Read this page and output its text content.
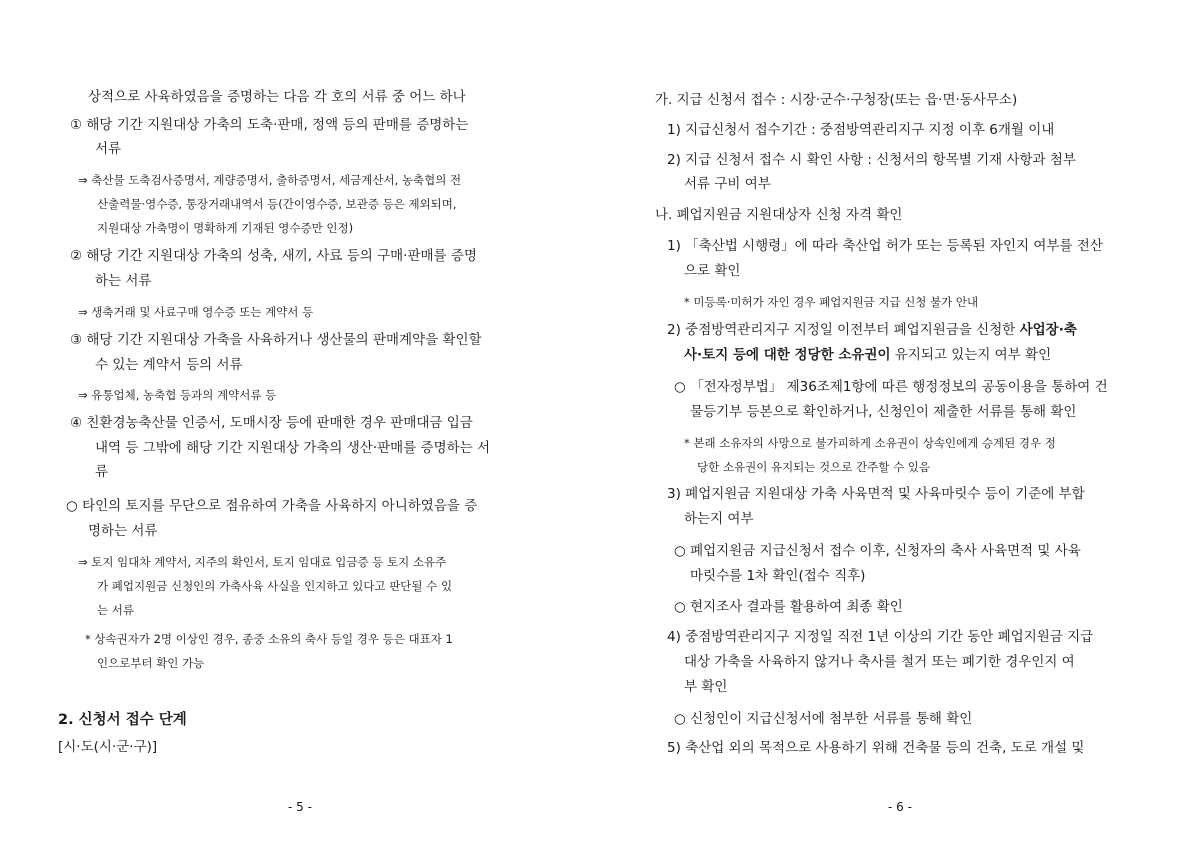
상적으로 사육하였음을 증명하는 다음 각 호의 서류 중 어느 하나
① 해당 기간 지원대상 가축의 도축·판매, 정액 등의 판매를 증명하는
서류
⇒ 축산물 도축검사증명서, 계량증명서, 출하증명서, 세금계산서, 농축협의 전
산출력물·영수증, 통장거래내역서 등(간이영수증, 보관증 등은 제외되며,
지원대상 가축명이 명확하게 기재된 영수증만 인정)
② 해당 기간 지원대상 가축의 성축, 새끼, 사료 등의 구매·판매를 증명
하는 서류
⇒ 생축거래 및 사료구매 영수증 또는 계약서 등
③ 해당 기간 지원대상 가축을 사육하거나 생산물의 판매계약을 확인할
수 있는 계약서 등의 서류
⇒ 유통업체, 농축협 등과의 계약서류 등
④ 친환경농축산물 인증서, 도매시장 등에 판매한 경우 판매대금 입금
내역 등 그밖에 해당 기간 지원대상 가축의 생산·판매를 증명하는 서
류
○ 타인의 토지를 무단으로 점유하여 가축을 사육하지 아니하였음을 증
명하는 서류
⇒ 토지 임대차 계약서, 지주의 확인서, 토지 임대료 입금증 등 토지 소유주
가 폐업지원금 신청인의 가축사육 사실을 인지하고 있다고 판단될 수 있
는 서류
* 상속권자가 2명 이상인 경우, 종중 소유의 축사 등일 경우 등은 대표자 1
인으로부터 확인 가능
2. 신청서 접수 단계
[시·도(시·군·구)]
- 5 -
가. 지급 신청서 접수 : 시장·군수·구청장(또는 읍·면·동사무소)
1) 지급신청서 접수기간 : 중점방역관리지구 지정 이후 6개월 이내
2) 지급 신청서 접수 시 확인 사항 : 신청서의 항목별 기재 사항과 첨부
서류 구비 여부
나. 폐업지원금 지원대상자 신청 자격 확인
1) 「축산법 시행령」에 따라 축산업 허가 또는 등록된 자인지 여부를 전산
으로 확인
* 미등록·미허가 자인 경우 폐업지원금 지급 신청 불가 안내
2) 중점방역관리지구 지정일 이전부터 폐업지원금을 신청한 사업장·축
사·토지 등에 대한 정당한 소유권이 유지되고 있는지 여부 확인
○ 「전자정부법」 제36조제1항에 따른 행정정보의 공동이용을 통하여 건
물등기부 등본으로 확인하거나, 신청인이 제출한 서류를 통해 확인
* 본래 소유자의 사망으로 불가피하게 소유권이 상속인에게 승계된 경우 정
당한 소유권이 유지되는 것으로 간주할 수 있음
3) 폐업지원금 지원대상 가축 사육면적 및 사육마릿수 등이 기준에 부합
하는지 여부
○ 폐업지원금 지급신청서 접수 이후, 신청자의 축사 사육면적 및 사육
마릿수를 1차 확인(접수 직후)
○ 현지조사 결과를 활용하여 최종 확인
4) 중점방역관리지구 지정일 직전 1년 이상의 기간 동안 폐업지원금 지급
대상 가축을 사육하지 않거나 축사를 철거 또는 폐기한 경우인지 여
부 확인
○ 신청인이 지급신청서에 첨부한 서류를 통해 확인
5) 축산업 외의 목적으로 사용하기 위해 건축물 등의 건축, 도로 개설 및
- 6 -
